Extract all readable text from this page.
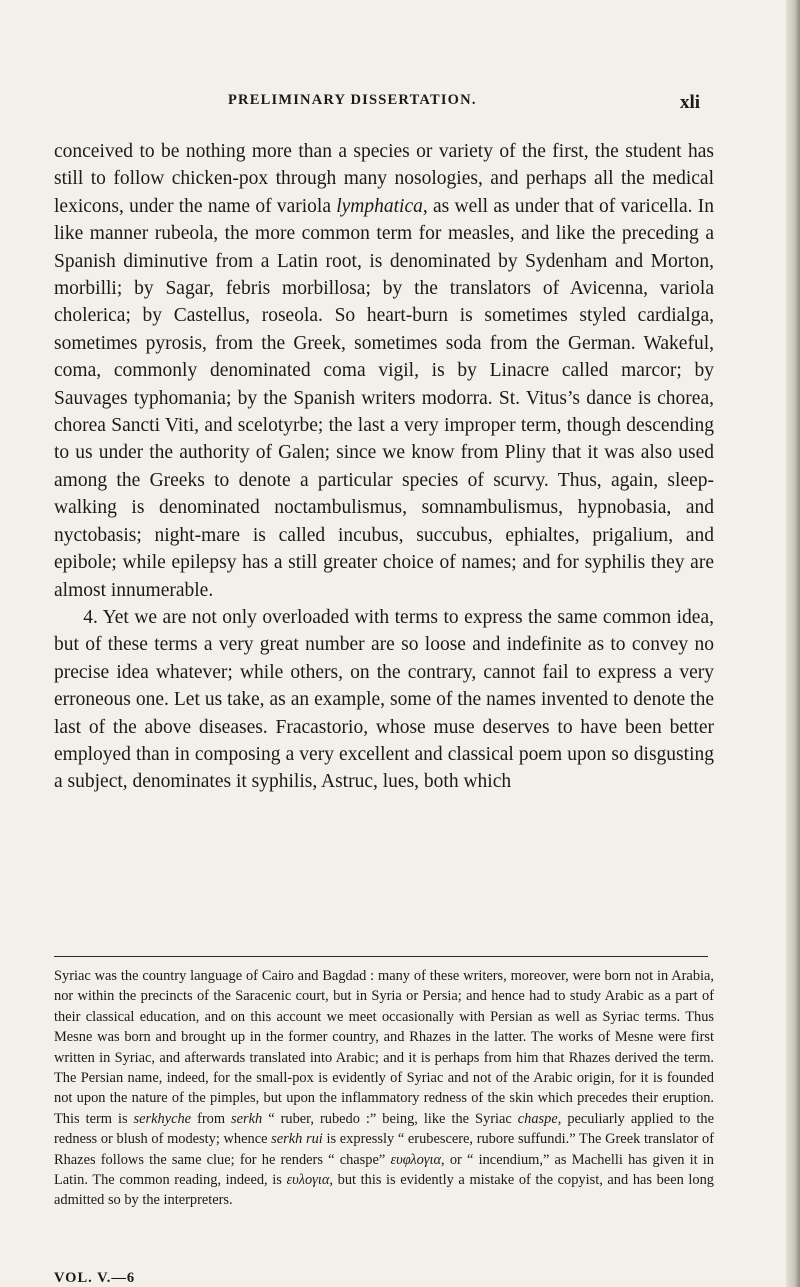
PRELIMINARY DISSERTATION.	xli

conceived to be nothing more than a species or variety of the first, the student has still to follow chicken-pox through many nosologies, and perhaps all the medical lexicons, under the name of variola lymphatica, as well as under that of varicella. In like manner rubeola, the more common term for measles, and like the preceding a Spanish diminutive from a Latin root, is denominated by Sydenham and Morton, morbilli; by Sagar, febris morbillosa; by the translators of Avicenna, variola cholerica; by Castellus, roseola. So heart-burn is sometimes styled cardialga, sometimes pyrosis, from the Greek, sometimes soda from the German. Wakeful, coma, commonly denominated coma vigil, is by Linacre called marcor; by Sauvages typhomania; by the Spanish writers modorra. St. Vitus’s dance is chorea, chorea Sancti Viti, and scelotyrbe; the last a very improper term, though descending to us under the authority of Galen; since we know from Pliny that it was also used among the Greeks to denote a particular species of scurvy. Thus, again, sleep-walking is denominated noctambulismus, somnambulismus, hypnobasia, and nyctobasis; night-mare is called incubus, succubus, ephialtes, prigalium, and epibole; while epilepsy has a still greater choice of names; and for syphilis they are almost innumerable.

4. Yet we are not only overloaded with terms to express the same common idea, but of these terms a very great number are so loose and indefinite as to convey no precise idea whatever; while others, on the contrary, cannot fail to express a very erroneous one. Let us take, as an example, some of the names invented to denote the last of the above diseases. Fracastorio, whose muse deserves to have been better employed than in composing a very excellent and classical poem upon so disgusting a subject, denominates it syphilis, Astruc, lues, both which

Syriac was the country language of Cairo and Bagdad : many of these writers, moreover, were born not in Arabia, nor within the precincts of the Saracenic court, but in Syria or Persia; and hence had to study Arabic as a part of their classical education, and on this account we meet occasionally with Persian as well as Syriac terms. Thus Mesne was born and brought up in the former country, and Rhazes in the latter. The works of Mesne were first written in Syriac, and afterwards translated into Arabic; and it is perhaps from him that Rhazes derived the term. The Persian name, indeed, for the small-pox is evidently of Syriac and not of the Arabic origin, for it is founded not upon the nature of the pimples, but upon the inflammatory redness of the skin which precedes their eruption. This term is serkhyche from serkh “ ruber, rubedo :” being, like the Syriac chaspe, peculiarly applied to the redness or blush of modesty; whence serkh rui is expressly “ erubescere, rubore suffundi.” The Greek translator of Rhazes follows the same clue; for he renders “ chaspe” ευφλογια, or “ incendium,” as Machelli has given it in Latin. The common reading, indeed, is ευλογια, but this is evidently a mistake of the copyist, and has been long admitted so by the interpreters.
VOL. V.—6
